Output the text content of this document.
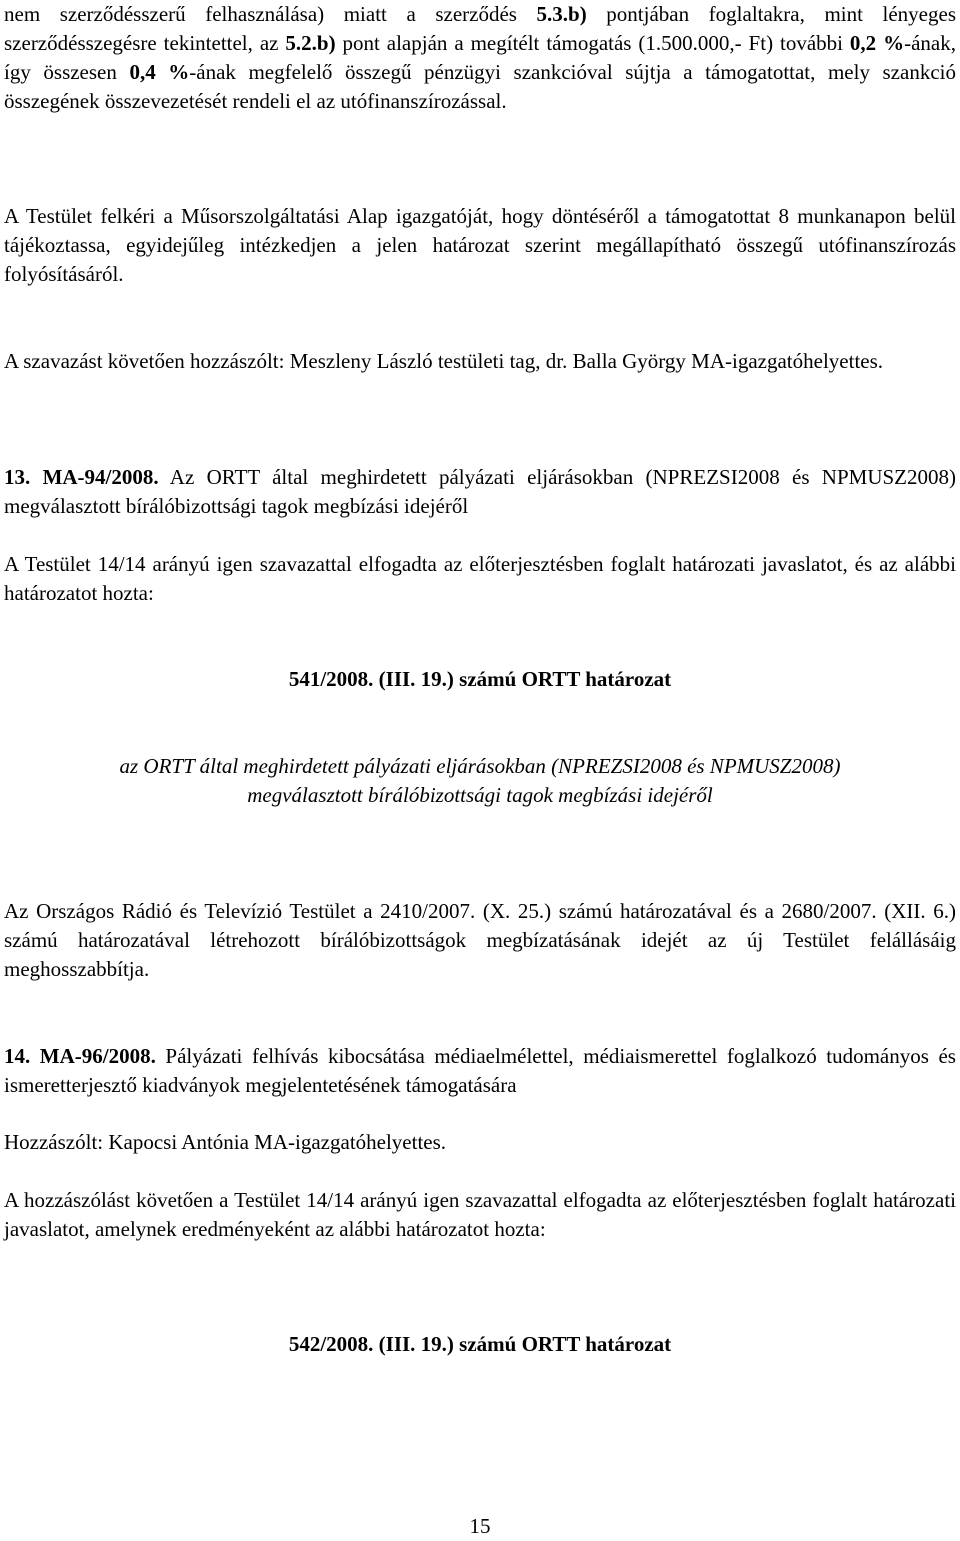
nem szerződésszerű felhasználása) miatt a szerződés 5.3.b) pontjában foglaltakra, mint lényeges szerződésszegésre tekintettel, az 5.2.b) pont alapján a megítélt támogatás (1.500.000,- Ft) további 0,2 %-ának, így összesen 0,4 %-ának megfelelő összegű pénzügyi szankcióval sújtja a támogatottat, mely szankció összegének összevezetését rendeli el az utófinanszírozással.

A Testület felkéri a Műsorszolgáltatási Alap igazgatóját, hogy döntéséről a támogatottat 8 munkanapon belül tájékoztassa, egyidejűleg intézkedjen a jelen határozat szerint megállapítható összegű utófinanszírozás folyósításáról.

A szavazást követően hozzászólt: Meszleny László testületi tag, dr. Balla György MA-igazgatóhelyettes.

13. MA-94/2008. Az ORTT által meghirdetett pályázati eljárásokban (NPREZSI2008 és NPMUSZ2008) megválasztott bírálóbizottsági tagok megbízási idejéről

A Testület 14/14 arányú igen szavazattal elfogadta az előterjesztésben foglalt határozati javaslatot, és az alábbi határozatot hozta:

541/2008. (III. 19.) számú ORTT határozat

az ORTT által meghirdetett pályázati eljárásokban (NPREZSI2008 és NPMUSZ2008)

megválasztott bírálóbizottsági tagok megbízási idejéről

Az Országos Rádió és Televízió Testület a 2410/2007. (X. 25.) számú határozatával és a 2680/2007. (XII. 6.) számú határozatával létrehozott bírálóbizottságok megbízatásának idejét az új Testület felállásáig meghosszabbítja.

14. MA-96/2008. Pályázati felhívás kibocsátása médiaelmélettel, médiaismerettel foglalkozó tudományos és ismeretterjesztő kiadványok megjelentetésének támogatására

Hozzászólt: Kapocsi Antónia MA-igazgatóhelyettes.

A hozzászólást követően a Testület 14/14 arányú igen szavazattal elfogadta az előterjesztésben foglalt határozati javaslatot, amelynek eredményeként az alábbi határozatot hozta:

542/2008. (III. 19.) számú ORTT határozat

15
